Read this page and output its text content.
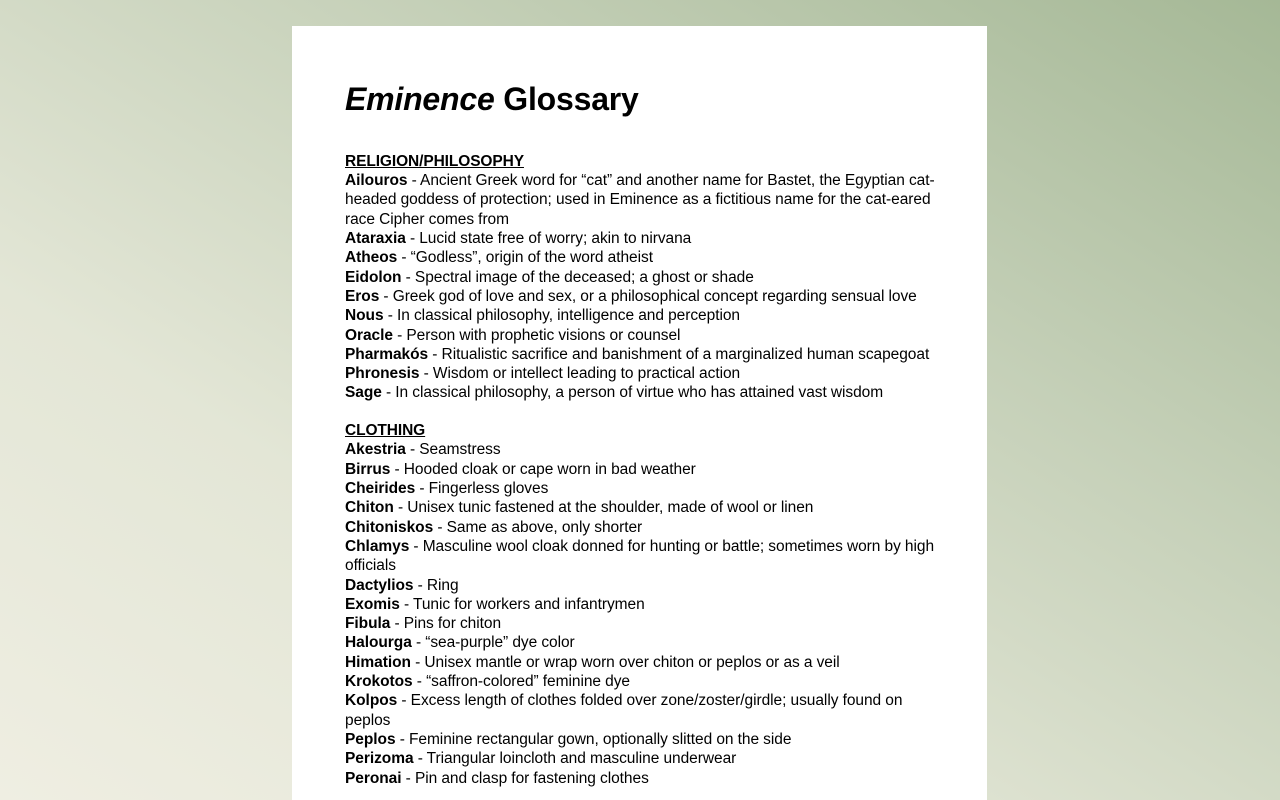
Eminence Glossary
RELIGION/PHILOSOPHY
Ailouros - Ancient Greek word for “cat” and another name for Bastet, the Egyptian cat-headed goddess of protection; used in Eminence as a fictitious name for the cat-eared race Cipher comes from
Ataraxia - Lucid state free of worry; akin to nirvana
Atheos - “Godless”, origin of the word atheist
Eidolon - Spectral image of the deceased; a ghost or shade
Eros - Greek god of love and sex, or a philosophical concept regarding sensual love
Nous - In classical philosophy, intelligence and perception
Oracle - Person with prophetic visions or counsel
Pharmakós - Ritualistic sacrifice and banishment of a marginalized human scapegoat
Phronesis - Wisdom or intellect leading to practical action
Sage - In classical philosophy, a person of virtue who has attained vast wisdom
CLOTHING
Akestria - Seamstress
Birrus - Hooded cloak or cape worn in bad weather
Cheirides - Fingerless gloves
Chiton - Unisex tunic fastened at the shoulder, made of wool or linen
Chitoniskos - Same as above, only shorter
Chlamys - Masculine wool cloak donned for hunting or battle; sometimes worn by high officials
Dactylios - Ring
Exomis - Tunic for workers and infantrymen
Fibula - Pins for chiton
Halourga - “sea-purple” dye color
Himation - Unisex mantle or wrap worn over chiton or peplos or as a veil
Krokotos - “saffron-colored” feminine dye
Kolpos - Excess length of clothes folded over zone/zoster/girdle; usually found on peplos
Peplos - Feminine rectangular gown, optionally slitted on the side
Perizoma - Triangular loincloth and masculine underwear
Peronai - Pin and clasp for fastening clothes
